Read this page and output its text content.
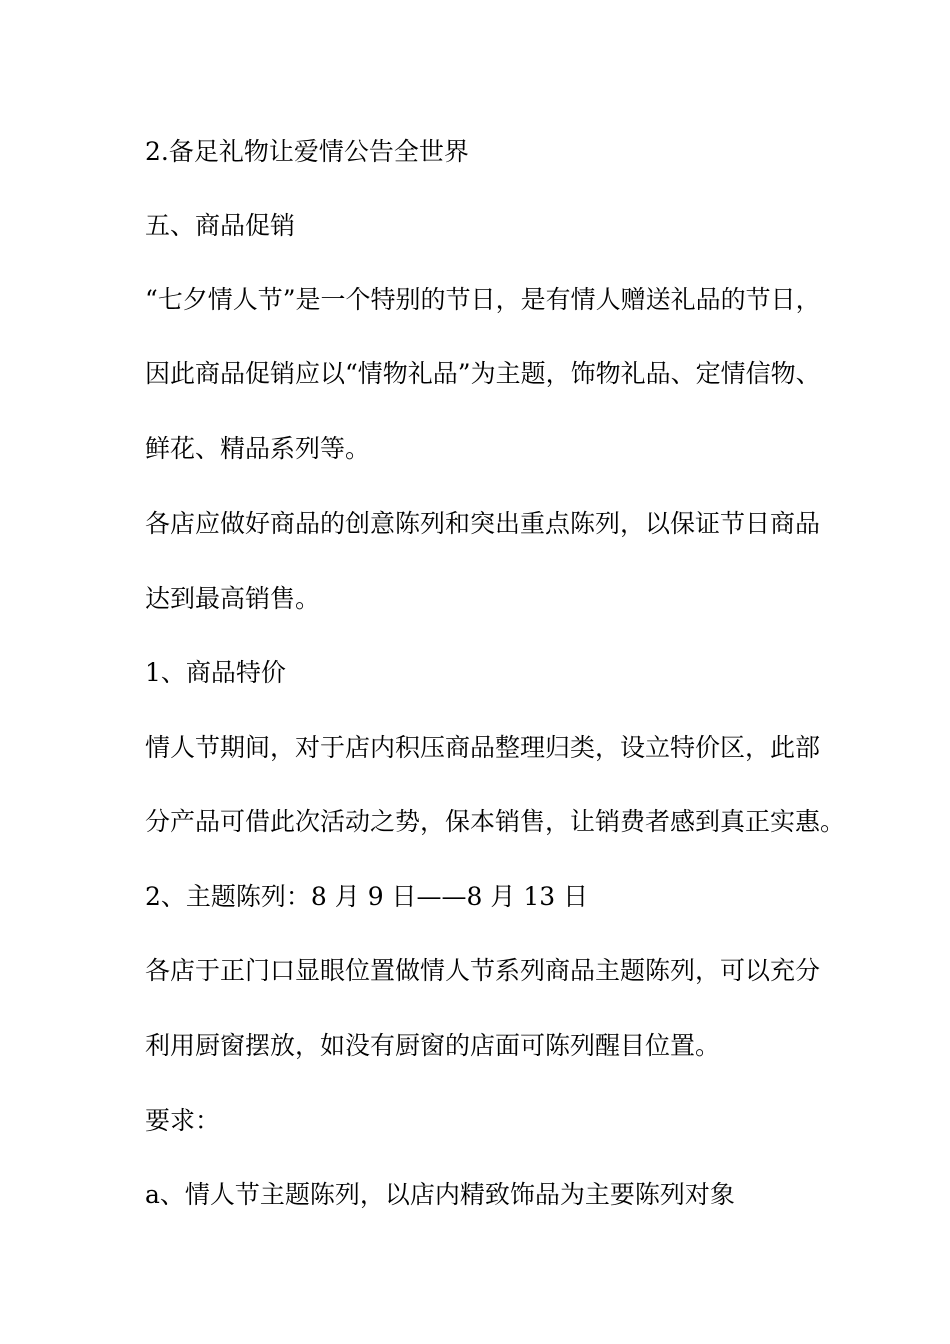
2.备足礼物让爱情公告全世界
五、商品促销
“七夕情人节”是一个特别的节日，是有情人赠送礼品的节日，
因此商品促销应以“情物礼品”为主题，饰物礼品、定情信物、
鲜花、精品系列等。
各店应做好商品的创意陈列和突出重点陈列，以保证节日商品
达到最高销售。
1、商品特价
情人节期间，对于店内积压商品整理归类，设立特价区，此部
分产品可借此次活动之势，保本销售，让销费者感到真正实惠。
2、主题陈列：8 月 9 日——8 月 13 日
各店于正门口显眼位置做情人节系列商品主题陈列，可以充分
利用厨窗摆放，如没有厨窗的店面可陈列醒目位置。
要求：
a、情人节主题陈列，以店内精致饰品为主要陈列对象
